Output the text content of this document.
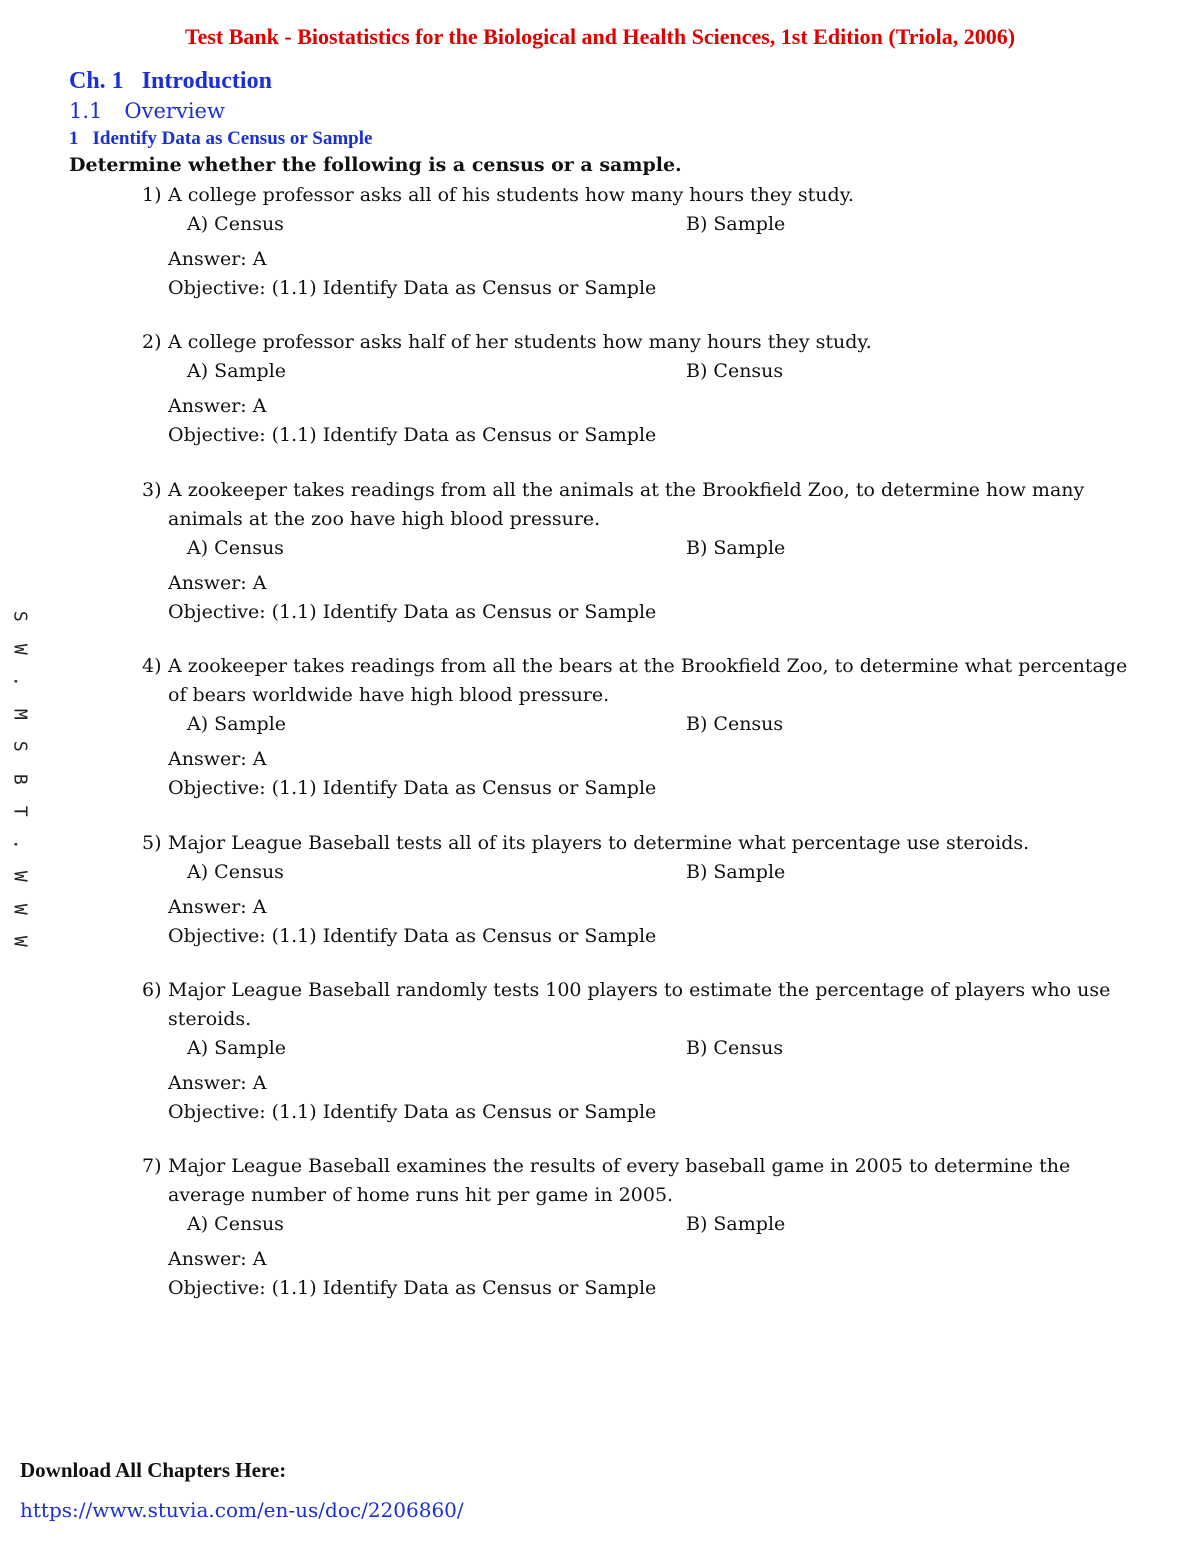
Test Bank - Biostatistics for the Biological and Health Sciences, 1st Edition (Triola, 2006)
Ch. 1 Introduction
1.1 Overview
1 Identify Data as Census or Sample
Determine whether the following is a census or a sample.
1) A college professor asks all of his students how many hours they study.
A) Census	B) Sample
Answer: A
Objective: (1.1) Identify Data as Census or Sample
2) A college professor asks half of her students how many hours they study.
A) Sample	B) Census
Answer: A
Objective: (1.1) Identify Data as Census or Sample
3) A zookeeper takes readings from all the animals at the Brookfield Zoo, to determine how many animals at the zoo have high blood pressure.
A) Census	B) Sample
Answer: A
Objective: (1.1) Identify Data as Census or Sample
4) A zookeeper takes readings from all the bears at the Brookfield Zoo, to determine what percentage of bears worldwide have high blood pressure.
A) Sample	B) Census
Answer: A
Objective: (1.1) Identify Data as Census or Sample
5) Major League Baseball tests all of its players to determine what percentage use steroids.
A) Census	B) Sample
Answer: A
Objective: (1.1) Identify Data as Census or Sample
6) Major League Baseball randomly tests 100 players to estimate the percentage of players who use steroids.
A) Sample	B) Census
Answer: A
Objective: (1.1) Identify Data as Census or Sample
7) Major League Baseball examines the results of every baseball game in 2005 to determine the average number of home runs hit per game in 2005.
A) Census	B) Sample
Answer: A
Objective: (1.1) Identify Data as Census or Sample
S
W
.
M
S
B
T
.
W
W
W
Download All Chapters Here:
https://www.stuvia.com/en-us/doc/2206860/
